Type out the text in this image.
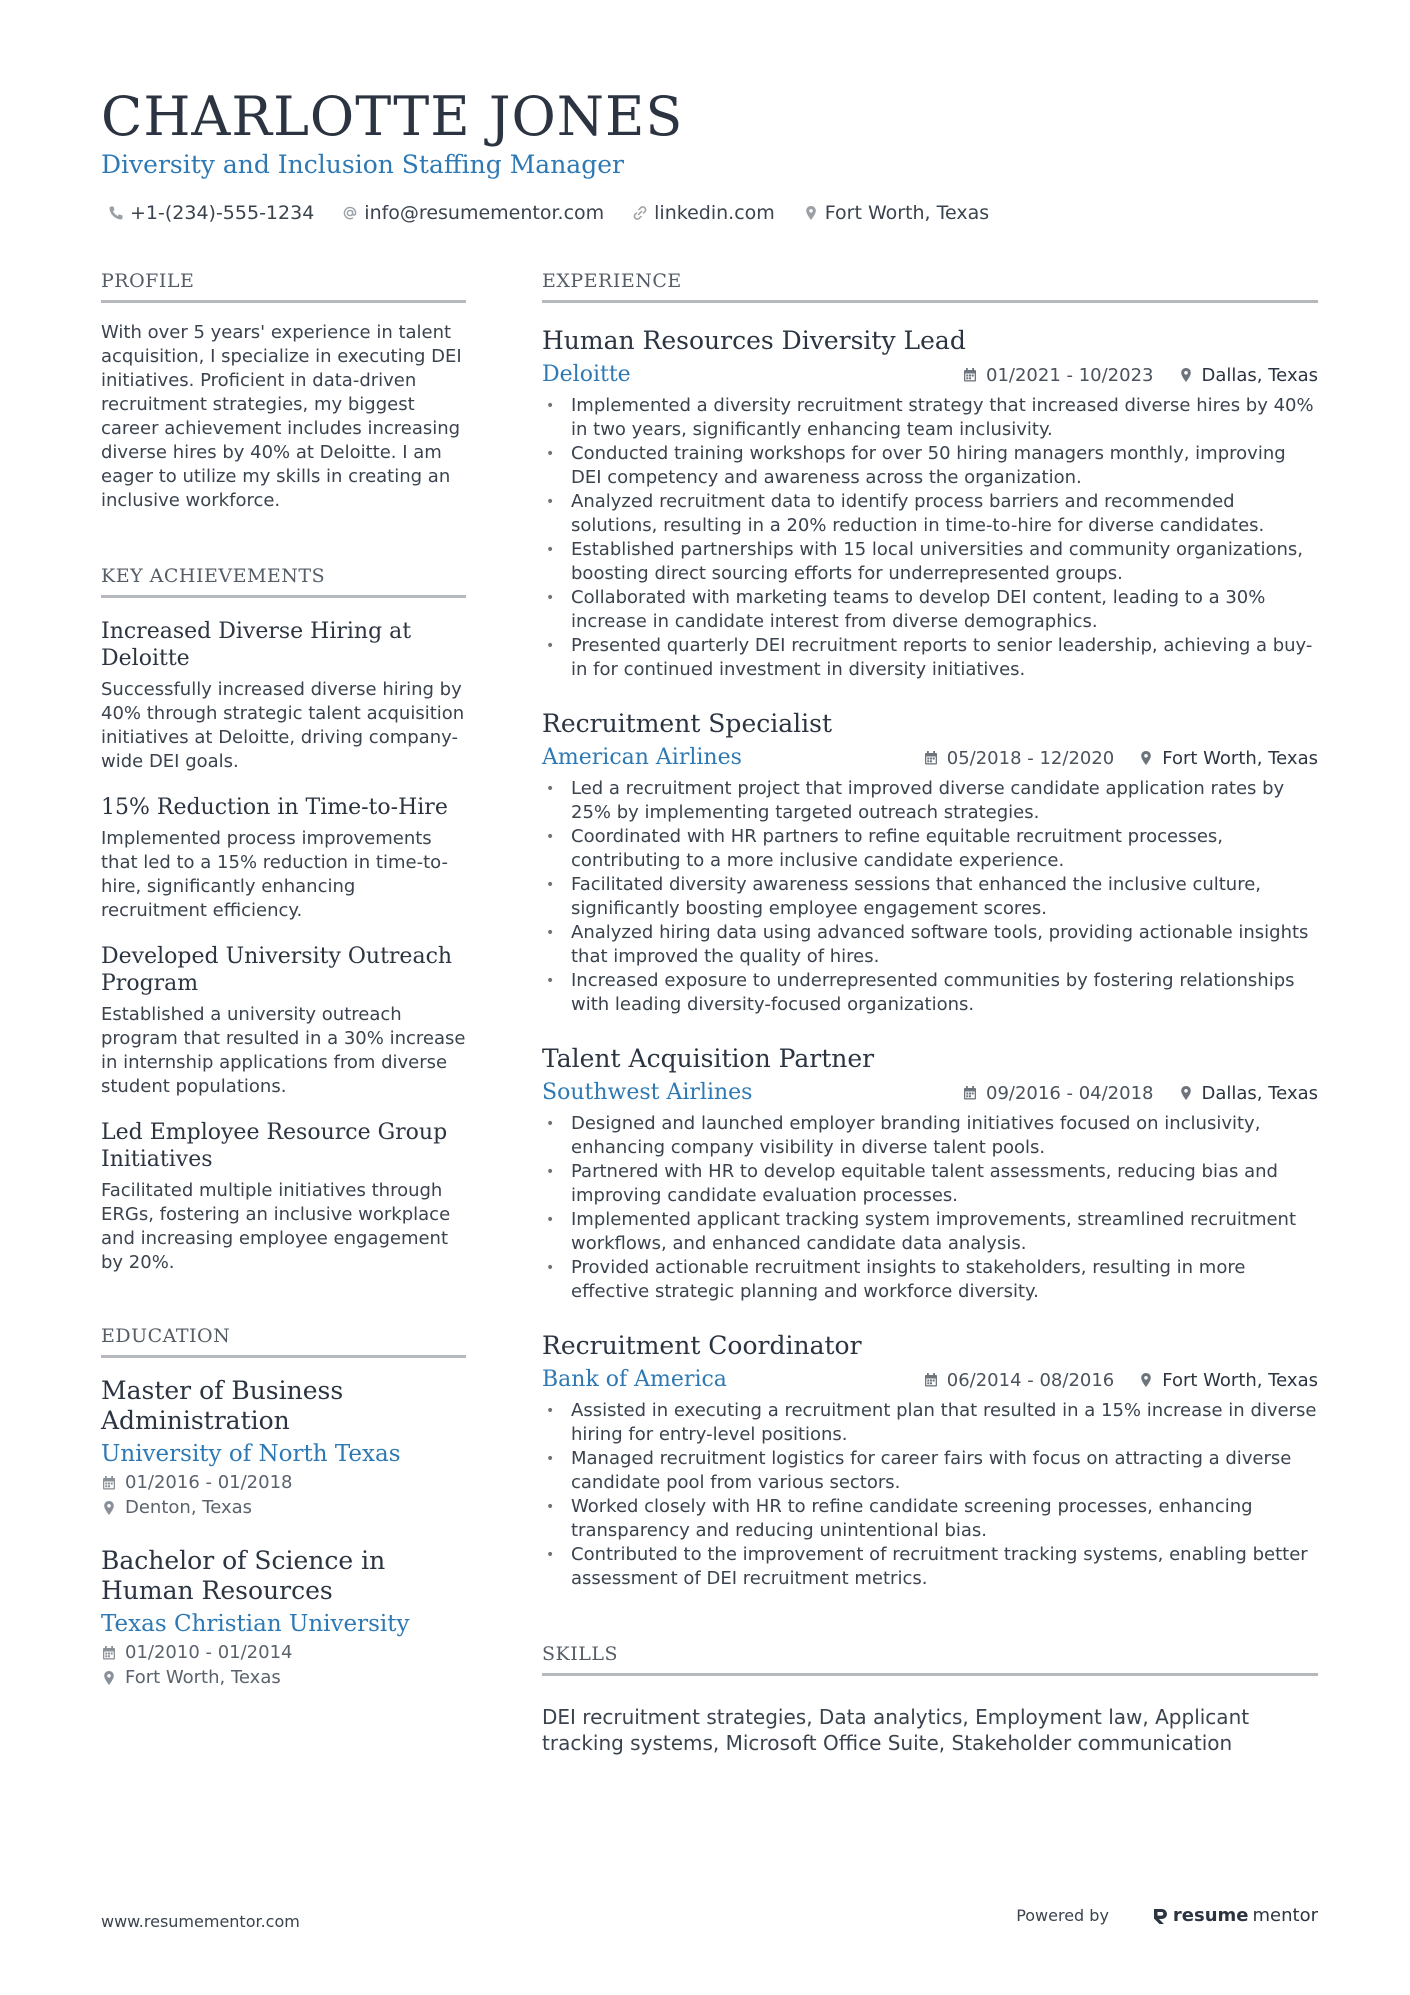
CHARLOTTE JONES
Diversity and Inclusion Staffing Manager
+1-(234)-555-1234	info@resumementor.com	linkedin.com	Fort Worth, Texas
PROFILE
With over 5 years' experience in talent acquisition, I specialize in executing DEI initiatives. Proficient in data-driven recruitment strategies, my biggest career achievement includes increasing diverse hires by 40% at Deloitte. I am eager to utilize my skills in creating an inclusive workforce.
KEY ACHIEVEMENTS
Increased Diverse Hiring at Deloitte
Successfully increased diverse hiring by 40% through strategic talent acquisition initiatives at Deloitte, driving company-wide DEI goals.
15% Reduction in Time-to-Hire
Implemented process improvements that led to a 15% reduction in time-to-hire, significantly enhancing recruitment efficiency.
Developed University Outreach Program
Established a university outreach program that resulted in a 30% increase in internship applications from diverse student populations.
Led Employee Resource Group Initiatives
Facilitated multiple initiatives through ERGs, fostering an inclusive workplace and increasing employee engagement by 20%.
EDUCATION
Master of Business Administration
University of North Texas
01/2016 - 01/2018
Denton, Texas
Bachelor of Science in Human Resources
Texas Christian University
01/2010 - 01/2014
Fort Worth, Texas
EXPERIENCE
Human Resources Diversity Lead
Deloitte	01/2021 - 10/2023	Dallas, Texas
• Implemented a diversity recruitment strategy that increased diverse hires by 40% in two years, significantly enhancing team inclusivity.
• Conducted training workshops for over 50 hiring managers monthly, improving DEI competency and awareness across the organization.
• Analyzed recruitment data to identify process barriers and recommended solutions, resulting in a 20% reduction in time-to-hire for diverse candidates.
• Established partnerships with 15 local universities and community organizations, boosting direct sourcing efforts for underrepresented groups.
• Collaborated with marketing teams to develop DEI content, leading to a 30% increase in candidate interest from diverse demographics.
• Presented quarterly DEI recruitment reports to senior leadership, achieving a buy-in for continued investment in diversity initiatives.
Recruitment Specialist
American Airlines	05/2018 - 12/2020	Fort Worth, Texas
• Led a recruitment project that improved diverse candidate application rates by 25% by implementing targeted outreach strategies.
• Coordinated with HR partners to refine equitable recruitment processes, contributing to a more inclusive candidate experience.
• Facilitated diversity awareness sessions that enhanced the inclusive culture, significantly boosting employee engagement scores.
• Analyzed hiring data using advanced software tools, providing actionable insights that improved the quality of hires.
• Increased exposure to underrepresented communities by fostering relationships with leading diversity-focused organizations.
Talent Acquisition Partner
Southwest Airlines	09/2016 - 04/2018	Dallas, Texas
• Designed and launched employer branding initiatives focused on inclusivity, enhancing company visibility in diverse talent pools.
• Partnered with HR to develop equitable talent assessments, reducing bias and improving candidate evaluation processes.
• Implemented applicant tracking system improvements, streamlined recruitment workflows, and enhanced candidate data analysis.
• Provided actionable recruitment insights to stakeholders, resulting in more effective strategic planning and workforce diversity.
Recruitment Coordinator
Bank of America	06/2014 - 08/2016	Fort Worth, Texas
• Assisted in executing a recruitment plan that resulted in a 15% increase in diverse hiring for entry-level positions.
• Managed recruitment logistics for career fairs with focus on attracting a diverse candidate pool from various sectors.
• Worked closely with HR to refine candidate screening processes, enhancing transparency and reducing unintentional bias.
• Contributed to the improvement of recruitment tracking systems, enabling better assessment of DEI recruitment metrics.
SKILLS
DEI recruitment strategies, Data analytics, Employment law, Applicant tracking systems, Microsoft Office Suite, Stakeholder communication
www.resumementor.com	Powered by	resume mentor
